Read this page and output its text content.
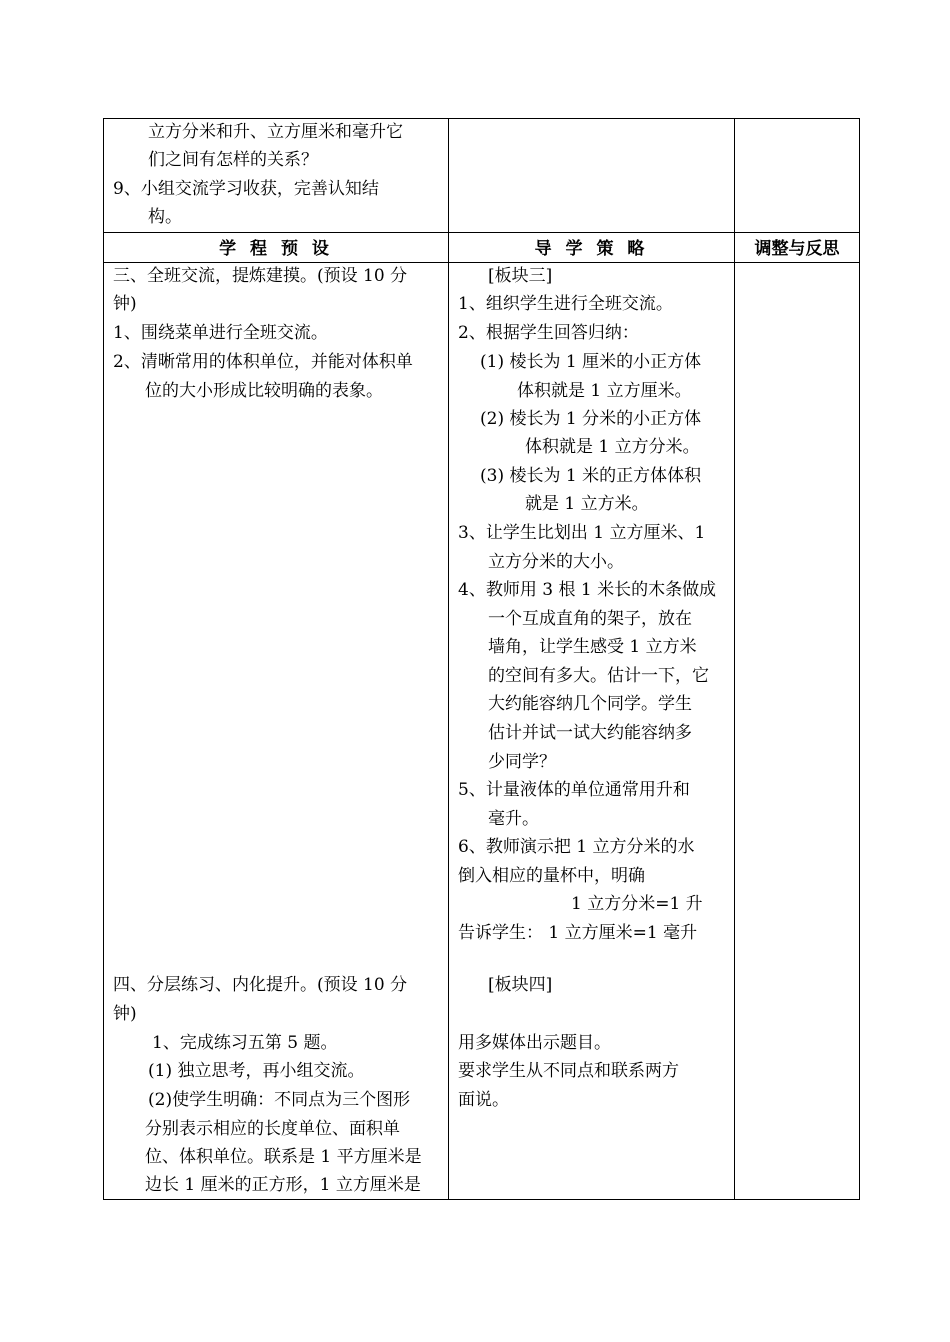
学 程 预 设	导 学 策 略	调整与反思
立方分米和升、立方厘米和毫升它
们之间有怎样的关系？
9、小组交流学习收获，完善认知结
构。
三、全班交流，提炼建摸。(预设 10 分
钟)
1、围绕菜单进行全班交流。
2、清晰常用的体积单位，并能对体积单
位的大小形成比较明确的表象。
四、分层练习、内化提升。(预设 10 分
钟)
1、完成练习五第 5 题。
(1) 独立思考，再小组交流。
(2)使学生明确：不同点为三个图形
分别表示相应的长度单位、面积单
位、体积单位。联系是 1 平方厘米是
边长 1 厘米的正方形，1 立方厘米是
[板块三]
1、组织学生进行全班交流。
2、根据学生回答归纳：
(1) 棱长为 1 厘米的小正方体
体积就是 1 立方厘米。
(2) 棱长为 1 分米的小正方体
体积就是 1 立方分米。
(3) 棱长为 1 米的正方体体积
就是 1 立方米。
3、让学生比划出 1 立方厘米、1
立方分米的大小。
4、教师用 3 根 1 米长的木条做成
一个互成直角的架子，放在
墙角，让学生感受 1 立方米
的空间有多大。估计一下，它
大约能容纳几个同学。学生
估计并试一试大约能容纳多
少同学？
5、计量液体的单位通常用升和
毫升。
6、教师演示把 1 立方分米的水
倒入相应的量杯中，明确
1 立方分米=1 升
告诉学生： 1 立方厘米=1 毫升
[板块四]
用多媒体出示题目。
要求学生从不同点和联系两方
面说。
